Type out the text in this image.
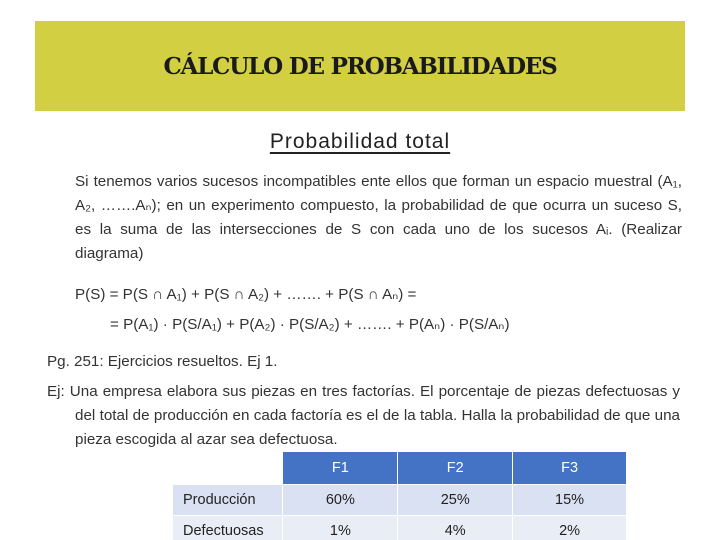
CÁLCULO DE PROBABILIDADES
Probabilidad total
Si tenemos varios sucesos incompatibles ente ellos que forman un espacio muestral (A₁, A₂, …….Aₙ); en un experimento compuesto, la probabilidad de que ocurra un suceso S, es la suma de las intersecciones de S con cada uno de los sucesos Aᵢ. (Realizar diagrama)
P(S) = P(S ∩ A₁) + P(S ∩ A₂) + ……. + P(S ∩ Aₙ) =
= P(A₁) · P(S/A₁) + P(A₂) · P(S/A₂) + ……. + P(Aₙ) · P(S/Aₙ)
Pg. 251: Ejercicios resueltos. Ej 1.
Ej: Una empresa elabora sus piezas en tres factorías. El porcentaje de piezas defectuosas y del total de producción en cada factoría es el de la tabla. Halla la probabilidad de que una pieza escogida al azar sea defectuosa.
	F1	F2	F3
Producción	60%	25%	15%
Defectuosas	1%	4%	2%
